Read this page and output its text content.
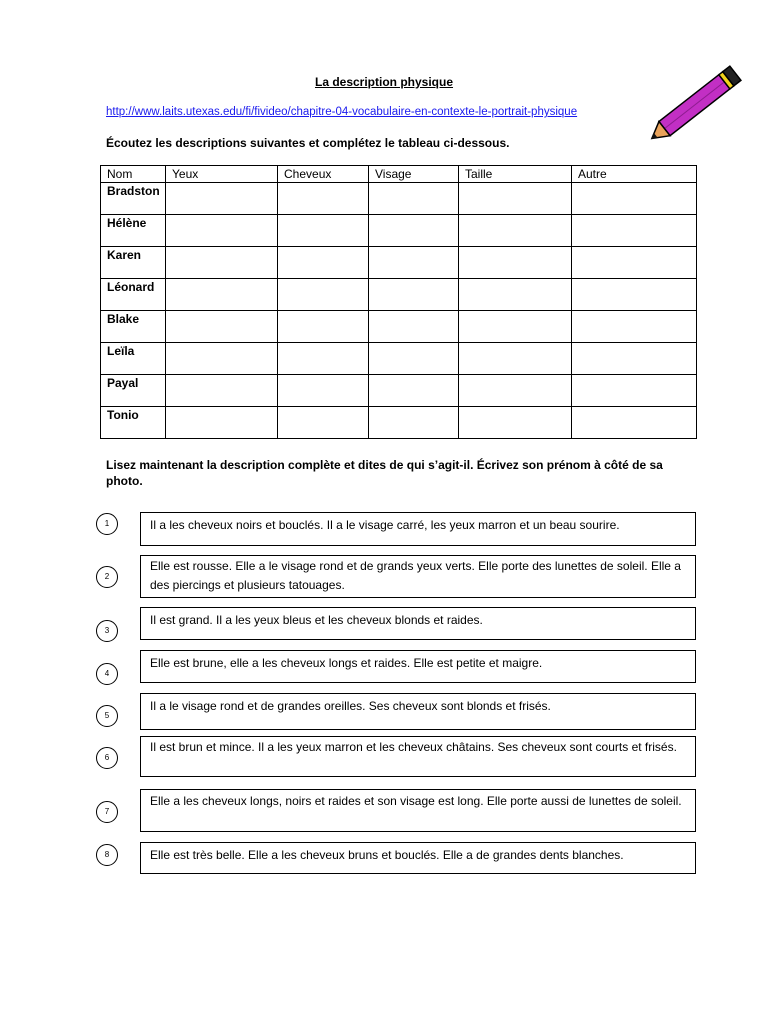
La description physique
http://www.laits.utexas.edu/fi/fivideo/chapitre-04-vocabulaire-en-contexte-le-portrait-physique
Écoutez les descriptions suivantes et complétez le tableau ci-dessous.
Nom	Yeux	Cheveux	Visage	Taille	Autre
Bradston					
Hélène					
Karen					
Léonard					
Blake					
Leïla					
Payal					
Tonio					
Lisez maintenant la description complète et dites de qui s’agit-il. Écrivez son prénom à côté de sa photo.
1	Il a les cheveux noirs et bouclés. Il a le visage carré, les yeux marron et un beau sourire.
2
Elle est rousse. Elle a le visage rond et de grands yeux verts. Elle porte des lunettes de soleil. Elle a des piercings et plusieurs tatouages.
3
Il est grand. Il a les yeux bleus et les cheveux blonds et raides.
4
Elle est brune, elle a les cheveux longs et raides. Elle est petite et maigre.
5
Il a le visage rond et de grandes oreilles. Ses cheveux sont blonds et frisés.
6
Il est brun et mince. Il a les yeux marron et les cheveux châtains. Ses cheveux sont courts et frisés.
7
Elle a les cheveux longs, noirs et raides et son visage est long. Elle porte aussi de lunettes de soleil.
8	Elle est très belle. Elle a les cheveux bruns et bouclés. Elle a de grandes dents blanches.
